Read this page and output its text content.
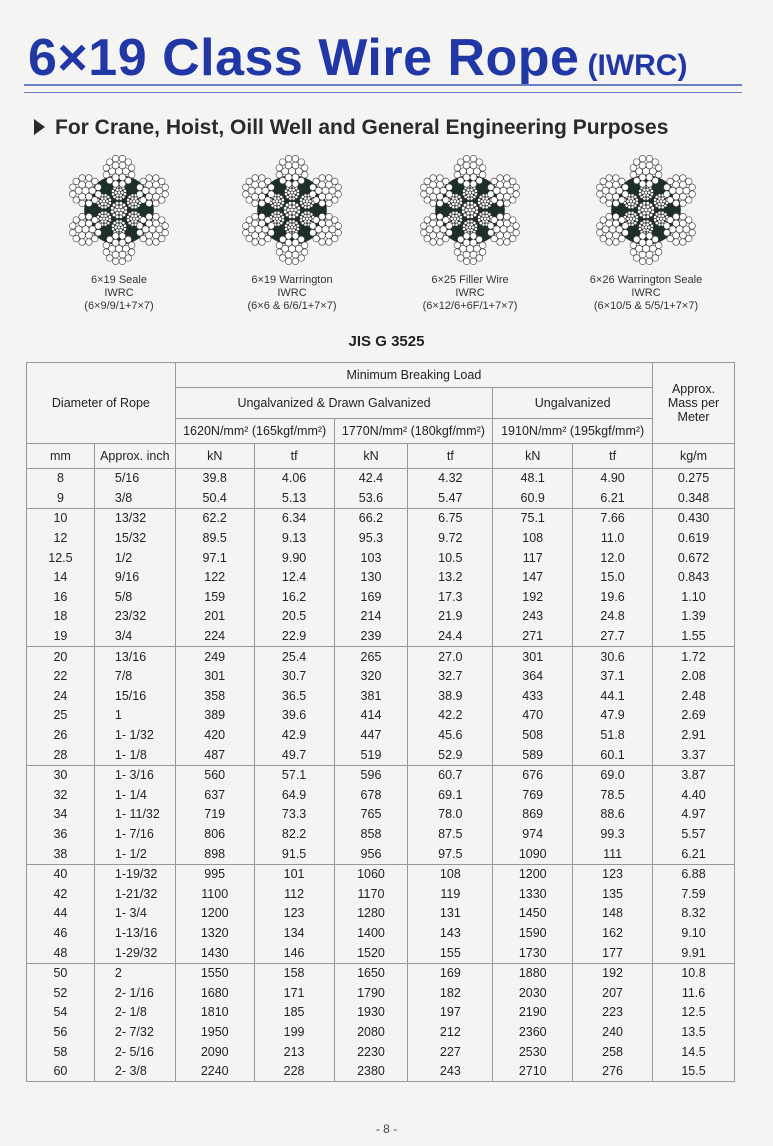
6×19 Class Wire Rope (IWRC)
For Crane, Hoist, Oill Well and General Engineering Purposes
6×19 Seale
IWRC
(6×9/9/1+7×7)
6×19 Warrington
IWRC
(6×6 & 6/6/1+7×7)
6×25 Filler Wire
IWRC
(6×12/6+6F/1+7×7)
6×26 Warrington Seale
IWRC
(6×10/5 & 5/5/1+7×7)
JIS G 3525
Diameter of Rope		Minimum Breaking Load						Approx. Mass per Meter
		Ungalvanized & Drawn Galvanized				Ungalvanized		
		1620N/mm² (165kgf/mm²)		1770N/mm² (180kgf/mm²)		1910N/mm² (195kgf/mm²)		
mm	Approx. inch	kN	tf	kN	tf	kN	tf	kg/m
8	5/16	39.8	4.06	42.4	4.32	48.1	4.90	0.275
9	3/8	50.4	5.13	53.6	5.47	60.9	6.21	0.348
10	13/32	62.2	6.34	66.2	6.75	75.1	7.66	0.430
12	15/32	89.5	9.13	95.3	9.72	108	11.0	0.619
12.5	1/2	97.1	9.90	103	10.5	117	12.0	0.672
14	9/16	122	12.4	130	13.2	147	15.0	0.843
16	5/8	159	16.2	169	17.3	192	19.6	1.10
18	23/32	201	20.5	214	21.9	243	24.8	1.39
19	3/4	224	22.9	239	24.4	271	27.7	1.55
20	13/16	249	25.4	265	27.0	301	30.6	1.72
22	7/8	301	30.7	320	32.7	364	37.1	2.08
24	15/16	358	36.5	381	38.9	433	44.1	2.48
25	1	389	39.6	414	42.2	470	47.9	2.69
26	1- 1/32	420	42.9	447	45.6	508	51.8	2.91
28	1- 1/8	487	49.7	519	52.9	589	60.1	3.37
30	1- 3/16	560	57.1	596	60.7	676	69.0	3.87
32	1- 1/4	637	64.9	678	69.1	769	78.5	4.40
34	1- 11/32	719	73.3	765	78.0	869	88.6	4.97
36	1- 7/16	806	82.2	858	87.5	974	99.3	5.57
38	1- 1/2	898	91.5	956	97.5	1090	111	6.21
40	1-19/32	995	101	1060	108	1200	123	6.88
42	1-21/32	1100	112	1170	119	1330	135	7.59
44	1- 3/4	1200	123	1280	131	1450	148	8.32
46	1-13/16	1320	134	1400	143	1590	162	9.10
48	1-29/32	1430	146	1520	155	1730	177	9.91
50	2	1550	158	1650	169	1880	192	10.8
52	2- 1/16	1680	171	1790	182	2030	207	11.6
54	2- 1/8	1810	185	1930	197	2190	223	12.5
56	2- 7/32	1950	199	2080	212	2360	240	13.5
58	2- 5/16	2090	213	2230	227	2530	258	14.5
60	2- 3/8	2240	228	2380	243	2710	276	15.5
- 8 -
